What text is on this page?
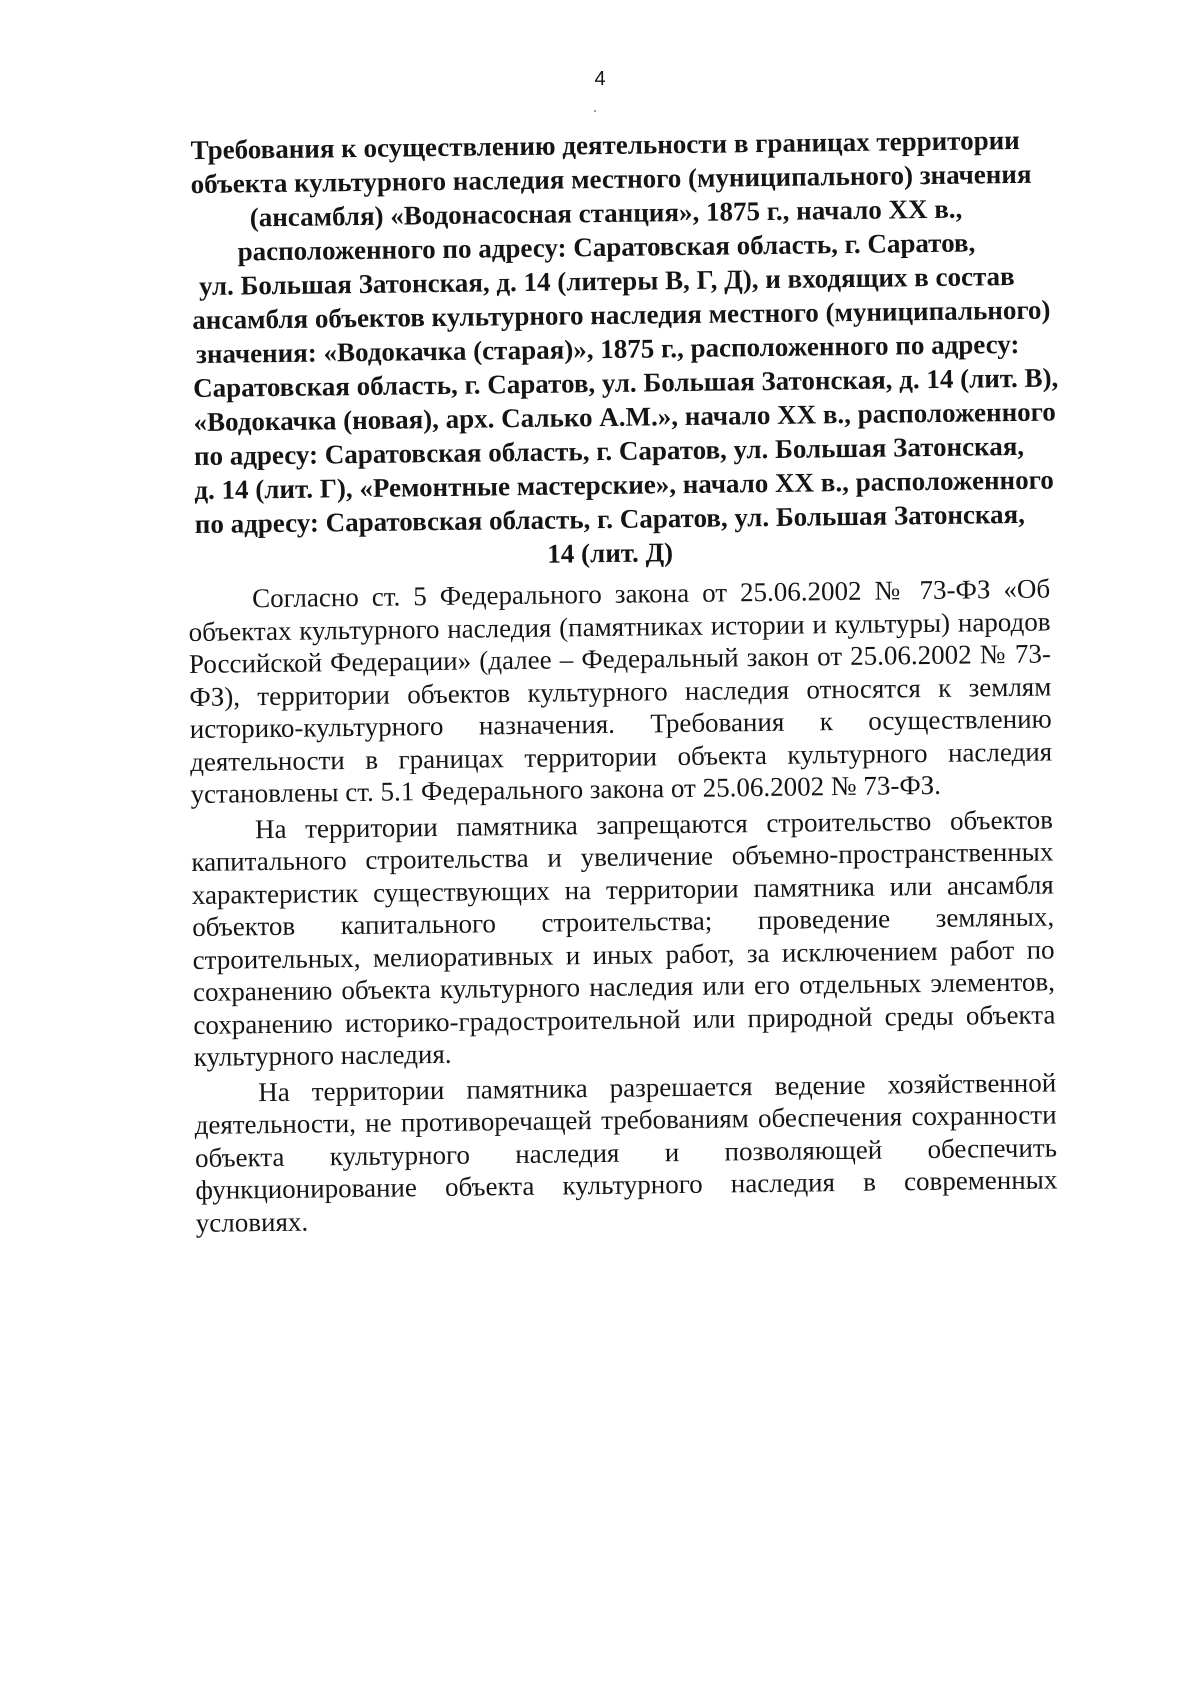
4
Требования к осуществлению деятельности в границах территории
объекта культурного наследия местного (муниципального) значения
(ансамбля) «Водонасосная станция», 1875 г., начало XX в.,
расположенного по адресу: Саратовская область, г. Саратов,
ул. Большая Затонская, д. 14 (литеры В, Г, Д), и входящих в состав
ансамбля объектов культурного наследия местного (муниципального)
значения: «Водокачка (старая)», 1875 г., расположенного по адресу:
Саратовская область, г. Саратов, ул. Большая Затонская, д. 14 (лит. В),
«Водокачка (новая), арх. Салько А.М.», начало XX в., расположенного
по адресу: Саратовская область, г. Саратов, ул. Большая Затонская,
д. 14 (лит. Г), «Ремонтные мастерские», начало XX в., расположенного
по адресу: Саратовская область, г. Саратов, ул. Большая Затонская,
14 (лит. Д)

Согласно ст. 5 Федерального закона от 25.06.2002 № 73-ФЗ «Об объектах культурного наследия (памятниках истории и культуры) народов Российской Федерации» (далее – Федеральный закон от 25.06.2002 № 73-ФЗ), территории объектов культурного наследия относятся к землям историко-культурного назначения. Требования к осуществлению деятельности в границах территории объекта культурного наследия установлены ст. 5.1 Федерального закона от 25.06.2002 № 73-ФЗ.

На территории памятника запрещаются строительство объектов капитального строительства и увеличение объемно-пространственных характеристик существующих на территории памятника или ансамбля объектов капитального строительства; проведение земляных, строительных, мелиоративных и иных работ, за исключением работ по сохранению объекта культурного наследия или его отдельных элементов, сохранению историко-градостроительной или природной среды объекта культурного наследия.

На территории памятника разрешается ведение хозяйственной деятельности, не противоречащей требованиям обеспечения сохранности объекта культурного наследия и позволяющей обеспечить функционирование объекта культурного наследия в современных условиях.
